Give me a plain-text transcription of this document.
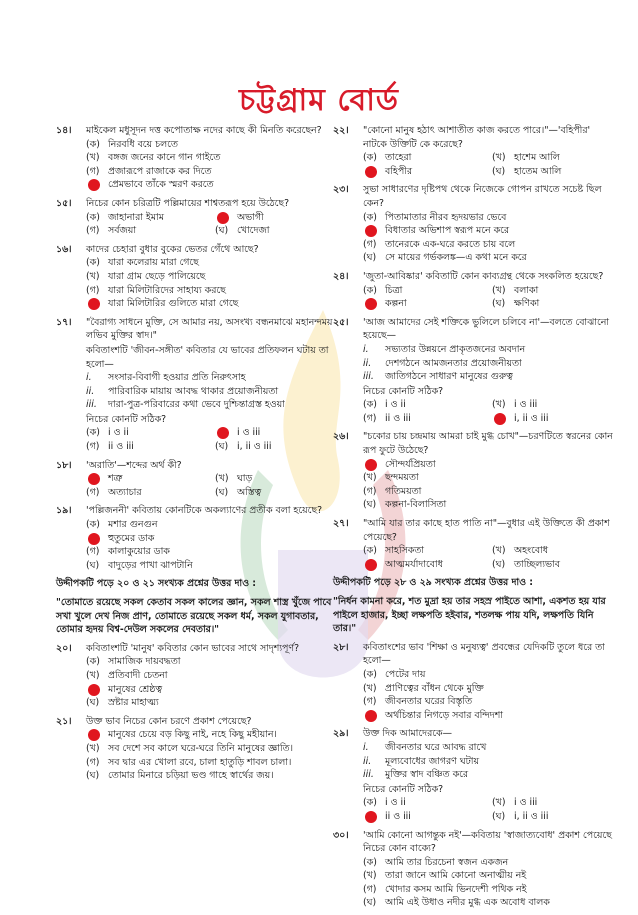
চট্টগ্রাম বোর্ড
১৪। মাইকেল মধুসূদন দত্ত কপোতাক্ষ নদের কাছে কী মিনতি করেছেন?
(ক) নিরবধি বয়ে চলতে
(খ) বঙ্গজ জনের কানে গান গাইতে
(গ) প্রজারূপে রাজাকে কর দিতে
প্রেমভাবে তাঁকে স্মরণ করতে
১৫। নিচের কোন চরিত্রটি পল্লিমায়ের শাশ্বতরূপ হয়ে উঠেছে?
(ক) জাহানারা ইমাম	অভাগী
(গ) সর্বজয়া	(ঘ) খোদেজা
১৬। কাদের চেহারা বুধার বুকের ভেতর গেঁথে আছে?
(ক) যারা কলেরায় মারা গেছে
(খ) যারা গ্রাম ছেড়ে পালিয়েছে
(গ) যারা মিলিটারিদের সাহায্য করছে
যারা মিলিটারির গুলিতে মারা গেছে
১৭। "বৈরাগ্য সাধনে মুক্তি, সে আমার নয়, অসংখ্য বন্ধনমাঝে মহানন্দময় লভিব মুক্তির স্বাদ।"
কবিতাংশটি 'জীবন-সঙ্গীত' কবিতার যে ভাবের প্রতিফলন ঘটায় তা হলো—
i. সংসার-বিবাগী হওয়ার প্রতি নিরুৎসাহ
ii. পারিবারিক মায়ায় আবদ্ধ থাকার প্রয়োজনীয়তা
iii. দারা-পুত্র-পরিবারের কথা ভেবে দুশ্চিন্তাগ্রস্ত হওয়া
নিচের কোনটি সঠিক?
(ক) i ও ii	i ও iii
(গ) ii ও iii	(ঘ) i, ii ও iii
১৮। 'অরাতি'—শব্দের অর্থ কী?
শত্রু	(খ) ঘাড়
(গ) অত্যাচার	(ঘ) অস্তিত্ব
১৯। 'পল্লিজননী' কবিতায় কোনটিকে অকল্যাণের প্রতীক বলা হয়েছে?
(ক) মশার গুনগুন
হুতুমের ডাক
(গ) কালাকুয়োর ডাক
(ঘ) বাদুড়ের পাখা ঝাপটানি
উদ্দীপকটি পড়ে ২০ ও ২১ সংখ্যক প্রশ্নের উত্তর দাও :
"তোমাতে রয়েছে সকল কেতাব সকল কালের জ্ঞান, সকল শাস্ত্র খুঁজে পাবে সখা খুলে দেখ নিজ প্রাণ, তোমাতে রয়েছে সকল ধর্ম, সকল যুগাবতার, তোমার হৃদয় বিশ্ব-দেউল সকলের দেবতার।"
২০। কবিতাংশটি 'মানুষ' কবিতার কোন ভাবের সাথে সাদৃশ্যপূর্ণ?
(ক) সামাজিক দায়বদ্ধতা
(খ) প্রতিবাদী চেতনা
মানুষের শ্রেষ্ঠত্ব
(ঘ) স্রষ্টার মাহাত্ম্য
২১। উক্ত ভাব নিচের কোন চরণে প্রকাশ পেয়েছে?
মানুষের চেয়ে বড় কিছু নাই, নহে কিছু মহীয়ান।
(খ) সব দেশে সব কালে ঘরে-ঘরে তিনি মানুষের জ্ঞাতি।
(গ) সব দ্বার এর খোলা রবে, চালা হাতুড়ি শাবল চালা।
(ঘ) তোমার মিনারে চড়িয়া ভণ্ড গাহে স্বার্থের জয়।
২২। "কোনো মানুষ হঠাৎ আশাতীত কাজ করতে পারে।"—'বহিপীর' নাটকে উক্তিটি কে করেছে?
(ক) তাহেরা	(খ) হাশেম আলি
বহিপীর	(ঘ) হাতেম আলি
২৩। সুভা সাধারণের দৃষ্টিপথ থেকে নিজেকে গোপন রাখতে সচেষ্ট ছিল কেন?
(ক) পিতামাতার নীরব হৃদয়ভার ভেবে
বিধাতার অভিশাপ স্বরূপ মনে করে
(গ) তানেরকে এক-ঘরে করতে চায় বলে
(ঘ) সে মায়ের গর্ভকলঙ্ক—এ কথা মনে করে
২৪। 'জুতা-আবিষ্কার' কবিতাটি কোন কাব্যগ্রন্থ থেকে সংকলিত হয়েছে?
(ক) চিত্রা	(খ) বলাকা
কল্পনা	(ঘ) ক্ষণিকা
২৫। 'আজ আমাদের সেই শক্তিকে ভুলিলে চলিবে না'—বলতে বোঝানো হয়েছে—
i. সভ্যতার উন্নয়নে প্রাকৃতজনের অবদান
ii. দেশগঠনে আমজনতার প্রয়োজনীয়তা
iii. জাতিগঠনে সাধারণ মানুষের গুরুত্ব
নিচের কোনটি সঠিক?
(ক) i ও ii	(খ) i ও iii
(গ) ii ও iii	i, ii ও iii
২৬। "চকোর চায় চন্দ্রমায় আমরা চাই মুগ্ধ চোখ"—চরণটিতে স্বরনের কোন রূপ ফুটে উঠেছে?
সৌন্দর্যপ্রিয়তা
(খ) ছন্দময়তা
(গ) গতিময়তা
(ঘ) কল্পনা-বিলাসিতা
২৭। "আমি যার তার কাছে হাত পাতি না"—বুধার এই উক্তিতে কী প্রকাশ পেয়েছে?
(ক) সাহসিকতা	(খ) অহংবোধ
আত্মমর্যাদাবোধ	(ঘ) তাচ্ছিল্যভাব
উদ্দীপকটি পড়ে ২৮ ও ২৯ সংখ্যক প্রশ্নের উত্তর দাও :
"নির্ধন কামনা করে, শত মুদ্রা হয় তার সহস্র পাইতে আশা, একশত হয় যার পাইলে হাজার, ইচ্ছা লক্ষপতি হইবার, শতলক্ষ পায় যদি, লক্ষপতি যিনি তার।"
২৮। কবিতাংশের ভাব 'শিক্ষা ও মনুষ্যত্ব' প্রবন্ধের যেদিকটি তুলে ধরে তা হলো—
(ক) পেটের দায়
(খ) প্রাণিত্বের বাঁধন থেকে মুক্তি
(গ) জীবনতার ঘরের বিস্তৃতি
অর্থচিন্তার নিগড়ে সবার বন্দিদশা
২৯। উক্ত দিক আমাদেরকে—
i. জীবনতার ঘরে আবদ্ধ রাখে
ii. মূল্যবোধের জাগরণ ঘটায়
iii. মুক্তির স্বাদ বঞ্চিত করে
নিচের কোনটি সঠিক?
(ক) i ও ii	(খ) i ও iii
ii ও iii	(ঘ) i, ii ও iii
৩০। 'আমি কোনো আগন্তুক নই'—কবিতায় 'স্বাজাত্যবোধ' প্রকাশ পেয়েছে নিচের কোন বাক্যে?
(ক) আমি তার চিরচেনা স্বজন একজন
(খ) তারা জানে আমি কোনো অনাত্মীয় নই
(গ) খোদার কসম আমি ভিনদেশী পথিক নই
(ঘ) আমি এই উধাও নদীর মুগ্ধ এক অবোধ বালক
